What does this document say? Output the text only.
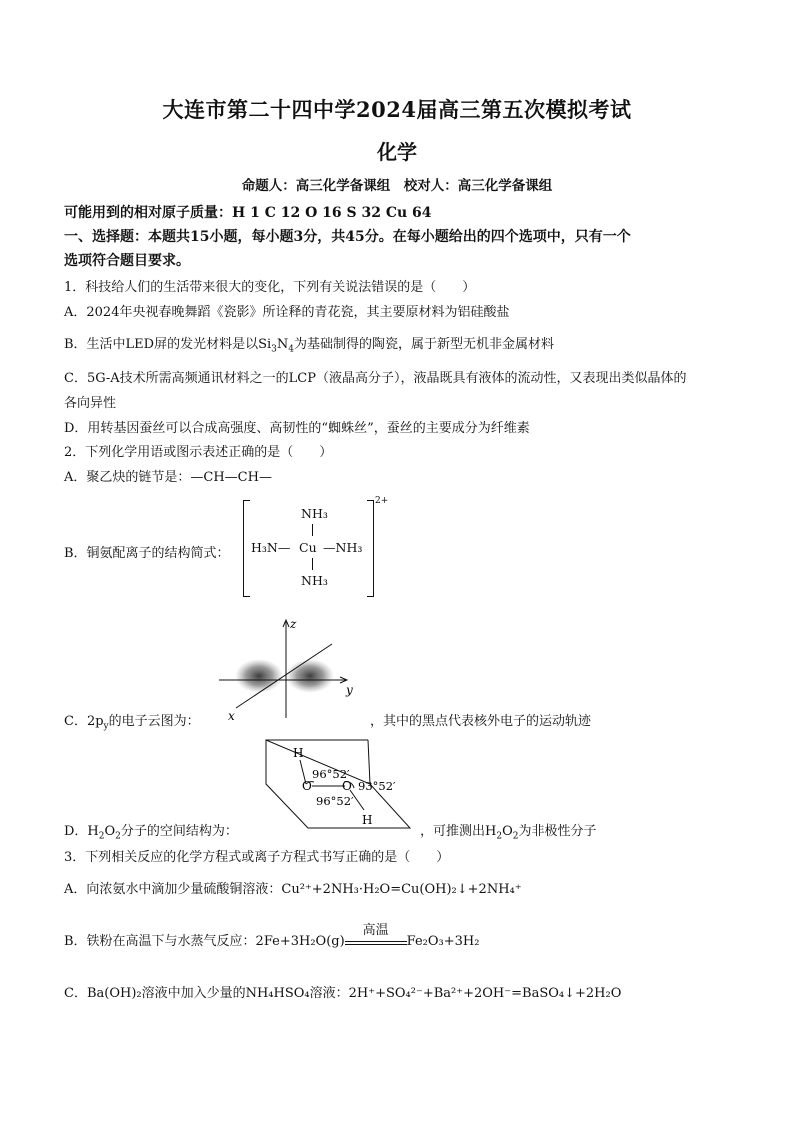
大连市第二十四中学2024届高三第五次模拟考试
化学
命题人：高三化学备课组　校对人：高三化学备课组
可能用到的相对原子质量：H 1 C 12 O 16 S 32 Cu 64
一、选择题：本题共15小题，每小题3分，共45分。在每小题给出的四个选项中，只有一个
选项符合题目要求。
1．科技给人们的生活带来很大的变化，下列有关说法错误的是（　　）
A．2024年央视春晚舞蹈《瓷影》所诠释的青花瓷，其主要原材料为铝硅酸盐
B．生活中LED屏的发光材料是以$Si_3N_4$为基础制得的陶瓷，属于新型无机非金属材料
C．5G-A技术所需高频通讯材料之一的LCP（液晶高分子），液晶既具有液体的流动性，又表现出类似晶体的
各向异性
D．用转基因蚕丝可以合成高强度、高韧性的“蜘蛛丝”，蚕丝的主要成分为纤维素
2．下列化学用语或图示表述正确的是（　　）
A．聚乙炔的链节是：—CH—CH—
B．铜氨配离子的结构简式：
2+
NH₃
H₃N— Cu —NH₃
NH₃
z
y
x
C．$2p_y$的电子云图为：	，其中的黑点代表核外电子的运动轨迹
H
O	O
H
96°52′
93°52′
96°52′
D．$H_2O_2$分子的空间结构为：	，可推测出$H_2O_2$为非极性分子
3．下列相关反应的化学方程式或离子方程式书写正确的是（　　）
A．向浓氨水中滴加少量硫酸铜溶液：Cu²⁺+2NH₃·H₂O=Cu(OH)₂↓+2NH₄⁺
B．铁粉在高温下与水蒸气反应：2Fe+3H₂O(g)
高温
Fe₂O₃+3H₂
C．Ba(OH)₂溶液中加入少量的NH₄HSO₄溶液：2H⁺+SO₄²⁻+Ba²⁺+2OH⁻=BaSO₄↓+2H₂O
